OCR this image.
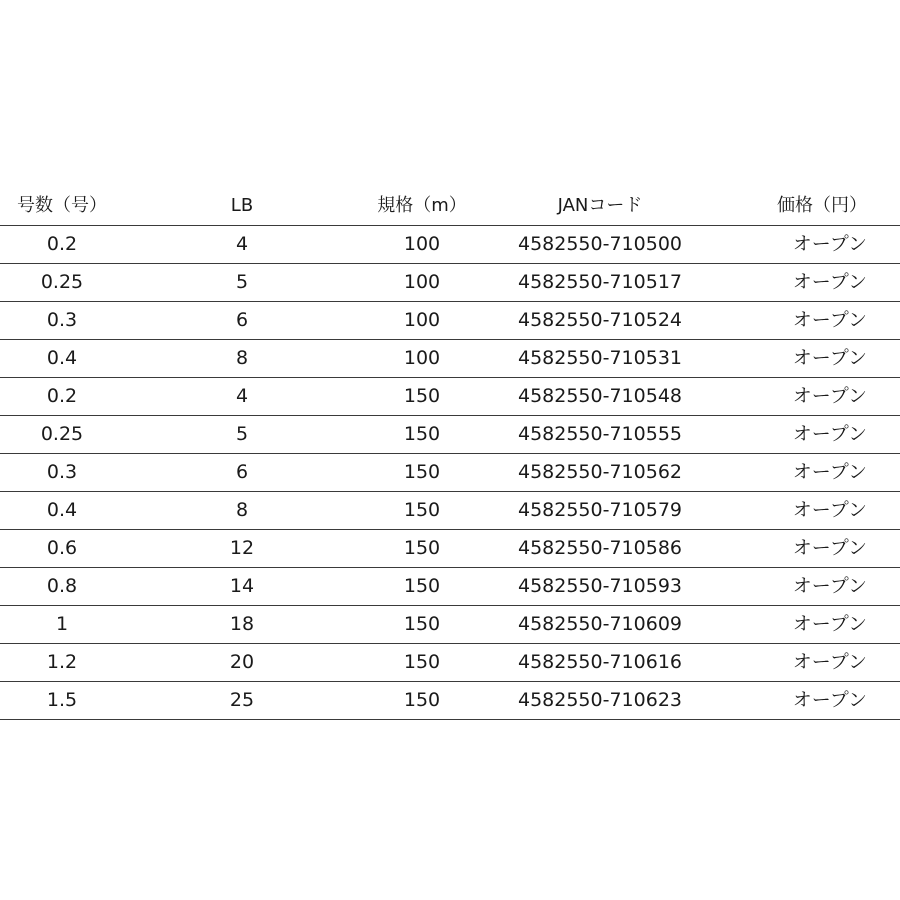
号数（号）	LB	規格（m）	JANコード	価格（円）
0.2	4	100	4582550-710500	オープン
0.25	5	100	4582550-710517	オープン
0.3	6	100	4582550-710524	オープン
0.4	8	100	4582550-710531	オープン
0.2	4	150	4582550-710548	オープン
0.25	5	150	4582550-710555	オープン
0.3	6	150	4582550-710562	オープン
0.4	8	150	4582550-710579	オープン
0.6	12	150	4582550-710586	オープン
0.8	14	150	4582550-710593	オープン
1	18	150	4582550-710609	オープン
1.2	20	150	4582550-710616	オープン
1.5	25	150	4582550-710623	オープン
